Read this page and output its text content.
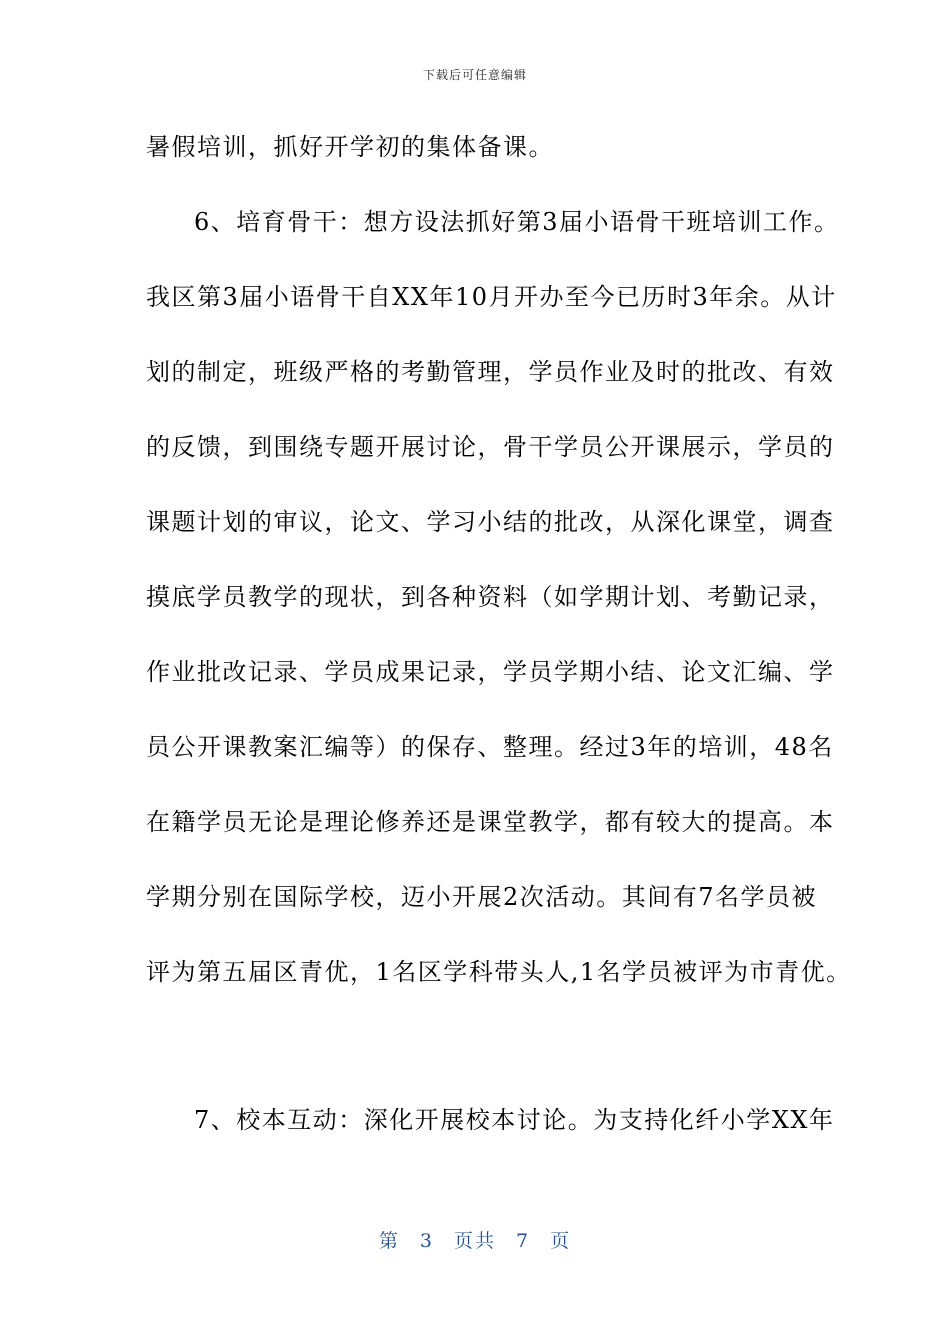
下载后可任意编辑
暑假培训，抓好开学初的集体备课。
6、培育骨干：想方设法抓好第3届小语骨干班培训工作。
我区第3届小语骨干自XX年10月开办至今已历时3年余。从计
划的制定，班级严格的考勤管理，学员作业及时的批改、有效
的反馈，到围绕专题开展讨论，骨干学员公开课展示，学员的
课题计划的审议，论文、学习小结的批改，从深化课堂，调查
摸底学员教学的现状，到各种资料（如学期计划、考勤记录，
作业批改记录、学员成果记录，学员学期小结、论文汇编、学
员公开课教案汇编等）的保存、整理。经过3年的培训，48名
在籍学员无论是理论修养还是课堂教学，都有较大的提高。本
学期分别在国际学校，迈小开展2次活动。其间有7名学员被
评为第五届区青优，1名区学科带头人,1名学员被评为市青优。
7、校本互动：深化开展校本讨论。为支持化纤小学XX年
第 3 页共 7 页
